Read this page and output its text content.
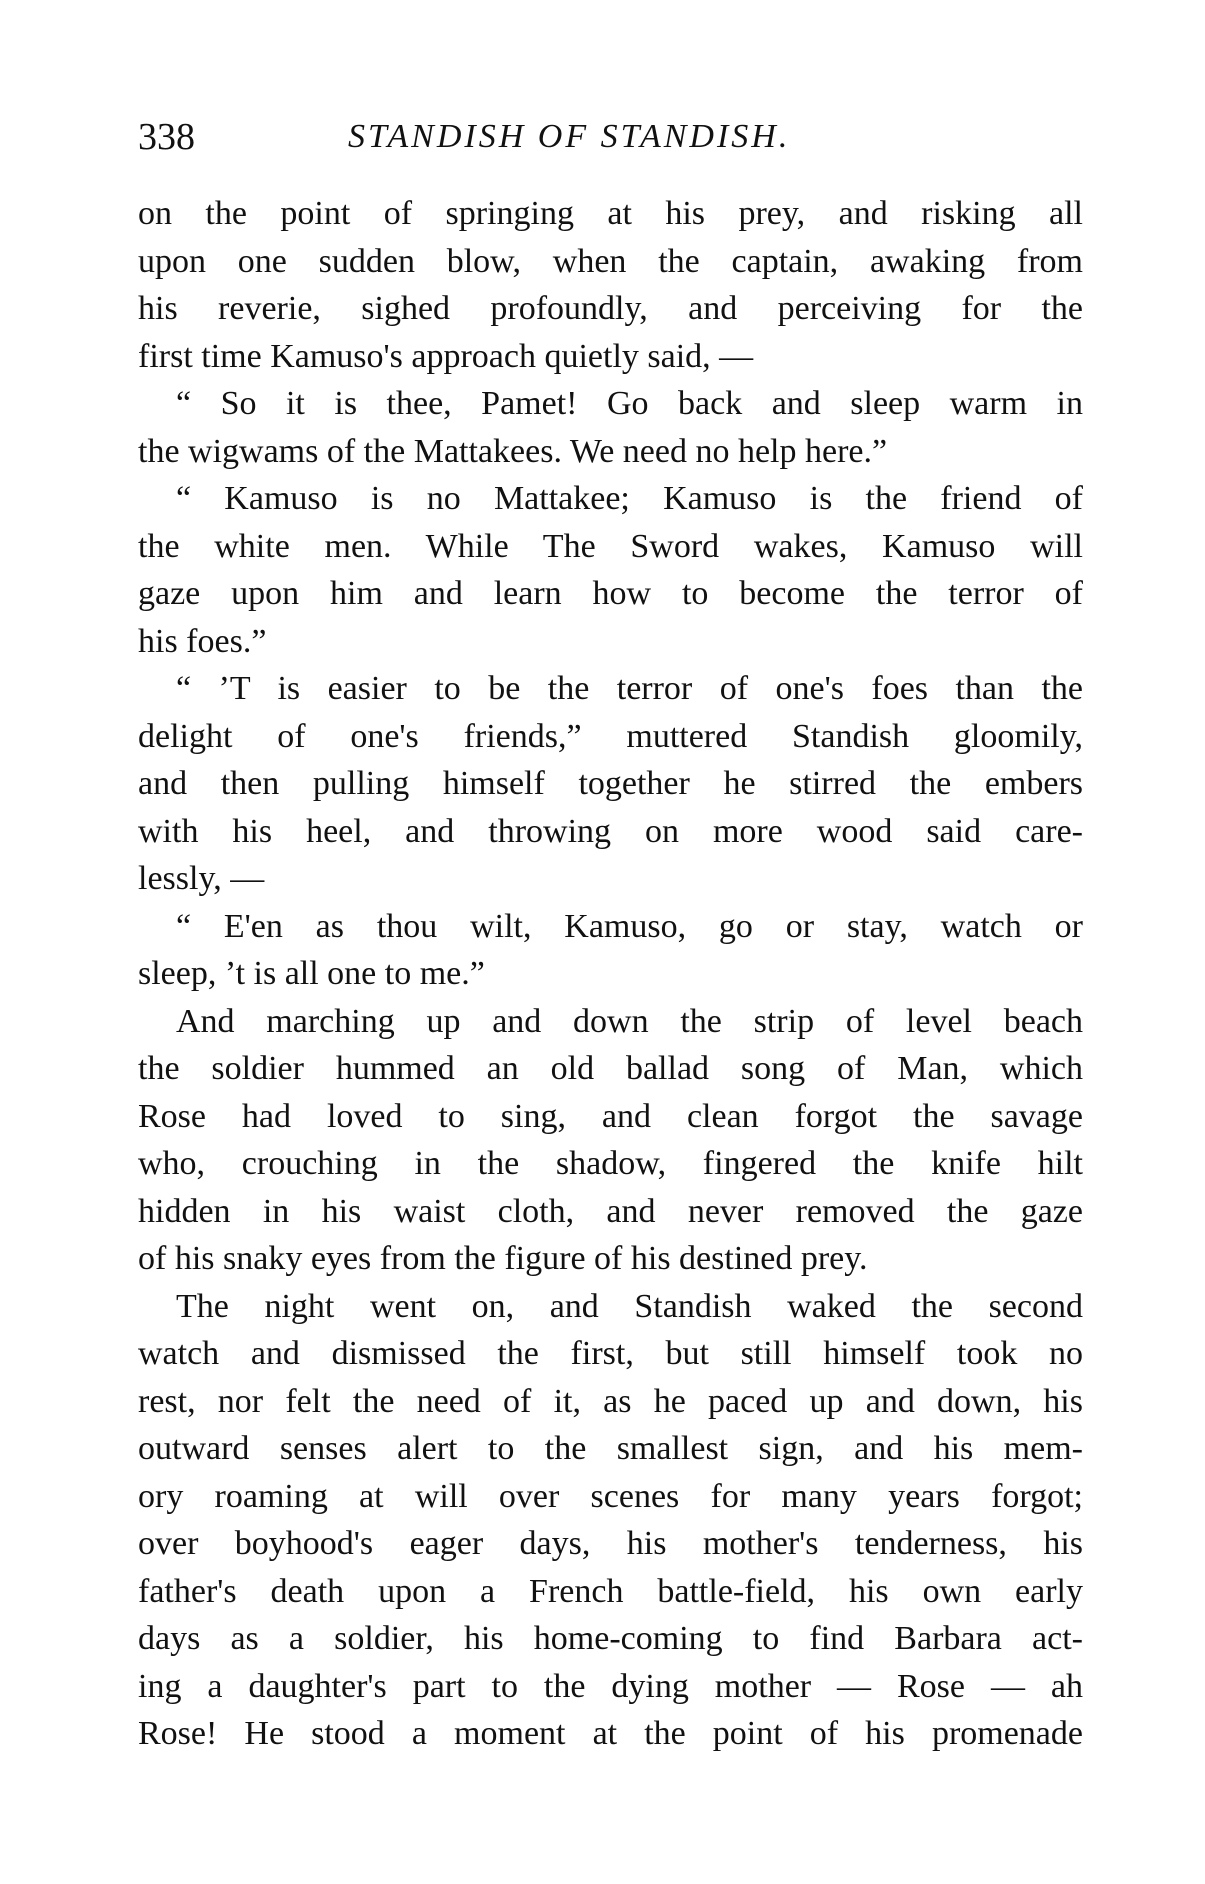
338	STANDISH OF STANDISH.
on the point of springing at his prey, and risking all
upon one sudden blow, when the captain, awaking from
his reverie, sighed profoundly, and perceiving for the
first time Kamuso's approach quietly said, —
“ So it is thee, Pamet! Go back and sleep warm in
the wigwams of the Mattakees. We need no help here.”
“ Kamuso is no Mattakee; Kamuso is the friend of
the white men. While The Sword wakes, Kamuso will
gaze upon him and learn how to become the terror of
his foes.”
“ ’T is easier to be the terror of one's foes than the
delight of one's friends,” muttered Standish gloomily,
and then pulling himself together he stirred the embers
with his heel, and throwing on more wood said care-
lessly, —
“ E'en as thou wilt, Kamuso, go or stay, watch or
sleep, ’t is all one to me.”
And marching up and down the strip of level beach
the soldier hummed an old ballad song of Man, which
Rose had loved to sing, and clean forgot the savage
who, crouching in the shadow, fingered the knife hilt
hidden in his waist cloth, and never removed the gaze
of his snaky eyes from the figure of his destined prey.
The night went on, and Standish waked the second
watch and dismissed the first, but still himself took no
rest, nor felt the need of it, as he paced up and down, his
outward senses alert to the smallest sign, and his mem-
ory roaming at will over scenes for many years forgot;
over boyhood's eager days, his mother's tenderness, his
father's death upon a French battle-field, his own early
days as a soldier, his home-coming to find Barbara act-
ing a daughter's part to the dying mother — Rose — ah
Rose! He stood a moment at the point of his promenade
